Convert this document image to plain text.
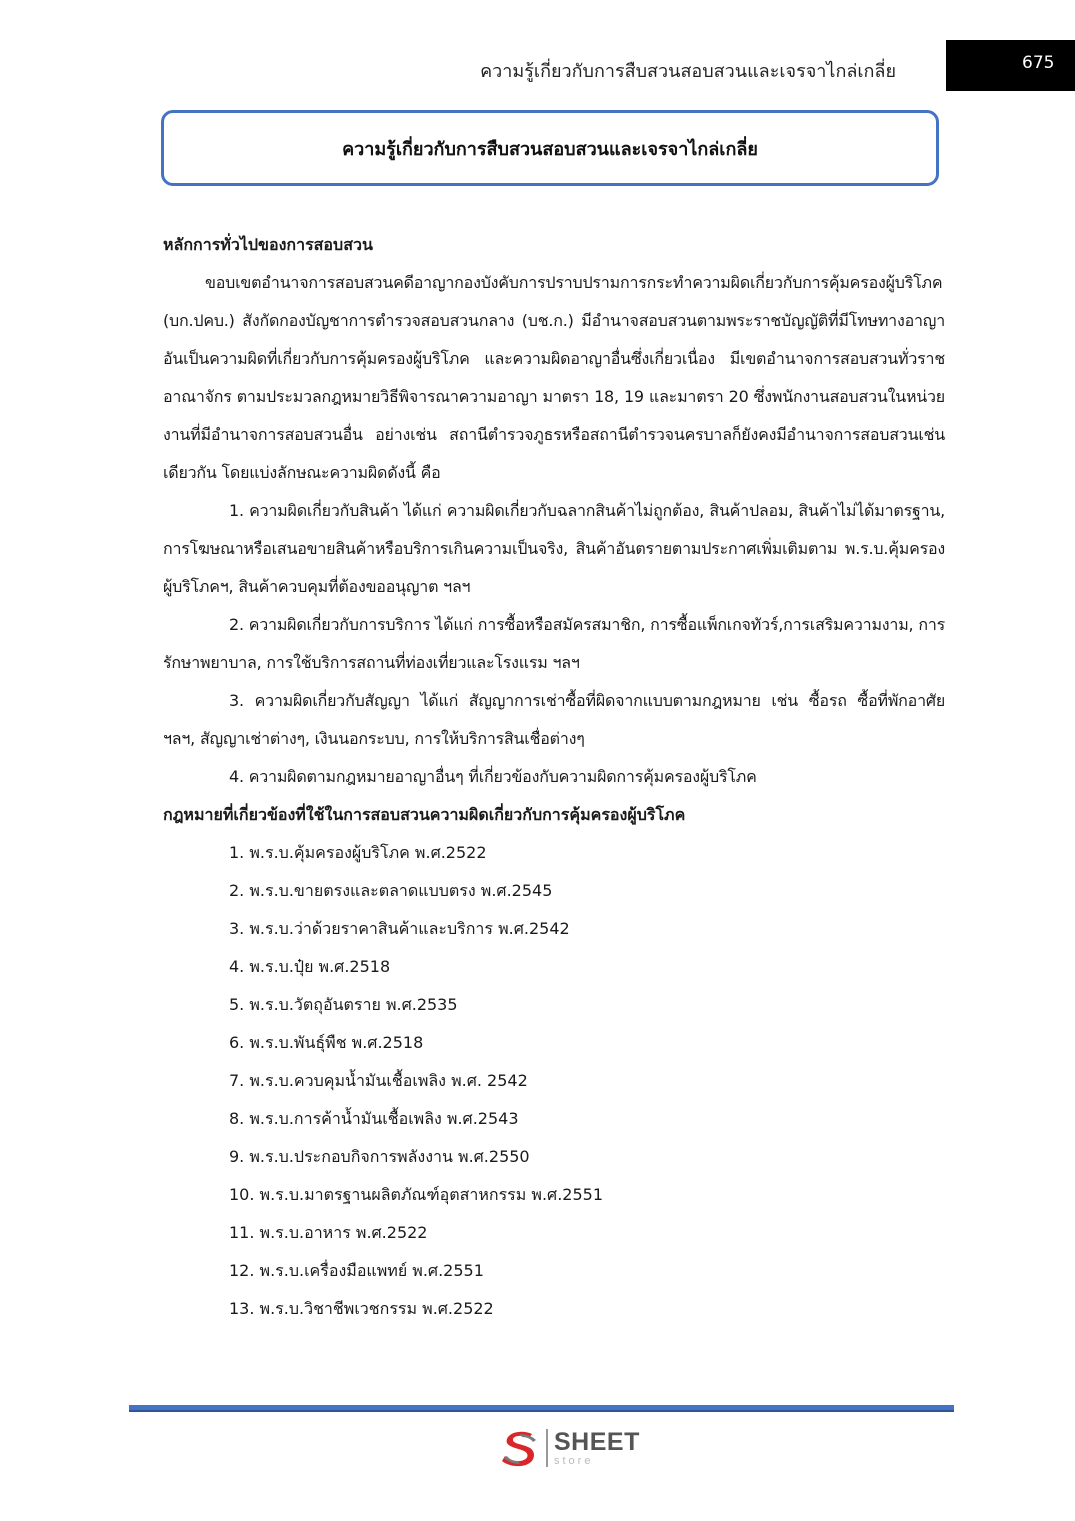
ความรู้เกี่ยวกับการสืบสวนสอบสวนและเจรจาไกล่เกลี่ย	675
ความรู้เกี่ยวกับการสืบสวนสอบสวนและเจรจาไกล่เกลี่ย

หลักการทั่วไปของการสอบสวน

ขอบเขตอำนาจการสอบสวนคดีอาญากองบังคับการปราบปรามการกระทำความผิดเกี่ยวกับการคุ้มครองผู้บริโภค (บก.ปคบ.) สังกัดกองบัญชาการตำรวจสอบสวนกลาง (บช.ก.) มีอำนาจสอบสวนตามพระราชบัญญัติที่มีโทษทางอาญา อันเป็นความผิดที่เกี่ยวกับการคุ้มครองผู้บริโภค และความผิดอาญาอื่นซึ่งเกี่ยวเนื่อง มีเขตอำนาจการสอบสวนทั่วราชอาณาจักร ตามประมวลกฎหมายวิธีพิจารณาความอาญา มาตรา 18, 19 และมาตรา 20 ซึ่งพนักงานสอบสวนในหน่วยงานที่มีอำนาจการสอบสวนอื่น อย่างเช่น สถานีตำรวจภูธรหรือสถานีตำรวจนครบาลก็ยังคงมีอำนาจการสอบสวนเช่นเดียวกัน โดยแบ่งลักษณะความผิดดังนี้ คือ

1. ความผิดเกี่ยวกับสินค้า ได้แก่ ความผิดเกี่ยวกับฉลากสินค้าไม่ถูกต้อง, สินค้าปลอม, สินค้าไม่ได้มาตรฐาน, การโฆษณาหรือเสนอขายสินค้าหรือบริการเกินความเป็นจริง, สินค้าอันตรายตามประกาศเพิ่มเติมตาม พ.ร.บ.คุ้มครองผู้บริโภคฯ, สินค้าควบคุมที่ต้องขออนุญาต ฯลฯ

2. ความผิดเกี่ยวกับการบริการ ได้แก่ การซื้อหรือสมัครสมาชิก, การซื้อแพ็กเกจทัวร์,การเสริมความงาม, การรักษาพยาบาล, การใช้บริการสถานที่ท่องเที่ยวและโรงแรม ฯลฯ

3. ความผิดเกี่ยวกับสัญญา ได้แก่ สัญญาการเช่าซื้อที่ผิดจากแบบตามกฎหมาย เช่น ซื้อรถ ซื้อที่พักอาศัย ฯลฯ, สัญญาเช่าต่างๆ, เงินนอกระบบ, การให้บริการสินเชื่อต่างๆ

4. ความผิดตามกฎหมายอาญาอื่นๆ ที่เกี่ยวข้องกับความผิดการคุ้มครองผู้บริโภค

กฎหมายที่เกี่ยวข้องที่ใช้ในการสอบสวนความผิดเกี่ยวกับการคุ้มครองผู้บริโภค

1. พ.ร.บ.คุ้มครองผู้บริโภค พ.ศ.2522
2. พ.ร.บ.ขายตรงและตลาดแบบตรง พ.ศ.2545
3. พ.ร.บ.ว่าด้วยราคาสินค้าและบริการ พ.ศ.2542
4. พ.ร.บ.ปุ๋ย พ.ศ.2518
5. พ.ร.บ.วัตถุอันตราย พ.ศ.2535
6. พ.ร.บ.พันธุ์พืช พ.ศ.2518
7. พ.ร.บ.ควบคุมน้ำมันเชื้อเพลิง พ.ศ. 2542
8. พ.ร.บ.การค้าน้ำมันเชื้อเพลิง พ.ศ.2543
9. พ.ร.บ.ประกอบกิจการพลังงาน พ.ศ.2550
10. พ.ร.บ.มาตรฐานผลิตภัณฑ์อุตสาหกรรม พ.ศ.2551
11. พ.ร.บ.อาหาร พ.ศ.2522
12. พ.ร.บ.เครื่องมือแพทย์ พ.ศ.2551
13. พ.ร.บ.วิชาชีพเวชกรรม พ.ศ.2522
SHEET
store
